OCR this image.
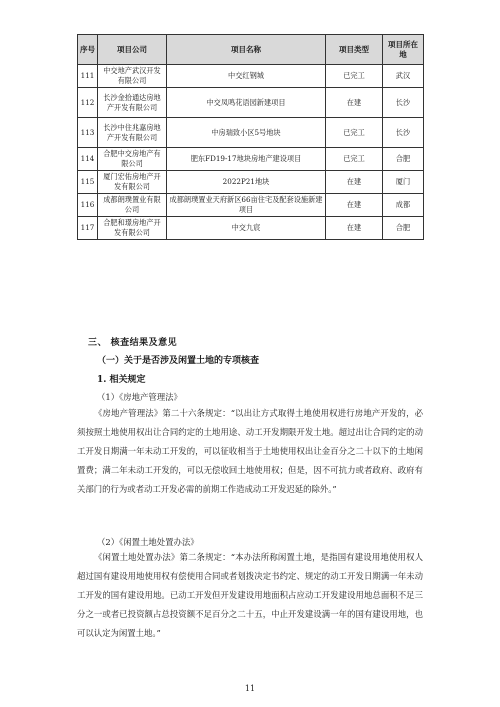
序号	项目公司	项目名称	项目类型	项目所在地
111	中交地产武汉开发有限公司	中交红钢城	已完工	武汉
112	长沙金拾通达房地产开发有限公司	中交凤鸣花语园新建项目	在建	长沙
113	长沙中住兆嘉房地产开发有限公司	中房瑞致小区5号地块	已完工	长沙
114	合肥中交房地产有限公司	肥东FD19-17地块房地产建设项目	已完工	合肥
115	厦门宏佑房地产开发有限公司	2022P21地块	在建	厦门
116	成都朗璞置业有限公司	成都朗璞置业天府新区66亩住宅及配套设施新建项目	在建	成都
117	合肥和璟房地产开发有限公司	中交九宸	在建	合肥
三、 核查结果及意见
（一）关于是否涉及闲置土地的专项核查
1. 相关规定
（1）《房地产管理法》
《房地产管理法》第二十六条规定：“以出让方式取得土地使用权进行房地产开发的，必须按照土地使用权出让合同约定的土地用途、动工开发期限开发土地。超过出让合同约定的动工开发日期满一年未动工开发的，可以征收相当于土地使用权出让金百分之二十以下的土地闲置费；满二年未动工开发的，可以无偿收回土地使用权；但是，因不可抗力或者政府、政府有关部门的行为或者动工开发必需的前期工作造成动工开发迟延的除外。”
（2）《闲置土地处置办法》
《闲置土地处置办法》第二条规定：“本办法所称闲置土地，是指国有建设用地使用权人超过国有建设用地使用权有偿使用合同或者划拨决定书约定、规定的动工开发日期满一年未动工开发的国有建设用地。已动工开发但开发建设用地面积占应动工开发建设用地总面积不足三分之一或者已投资额占总投资额不足百分之二十五，中止开发建设满一年的国有建设用地，也可以认定为闲置土地。”
11
